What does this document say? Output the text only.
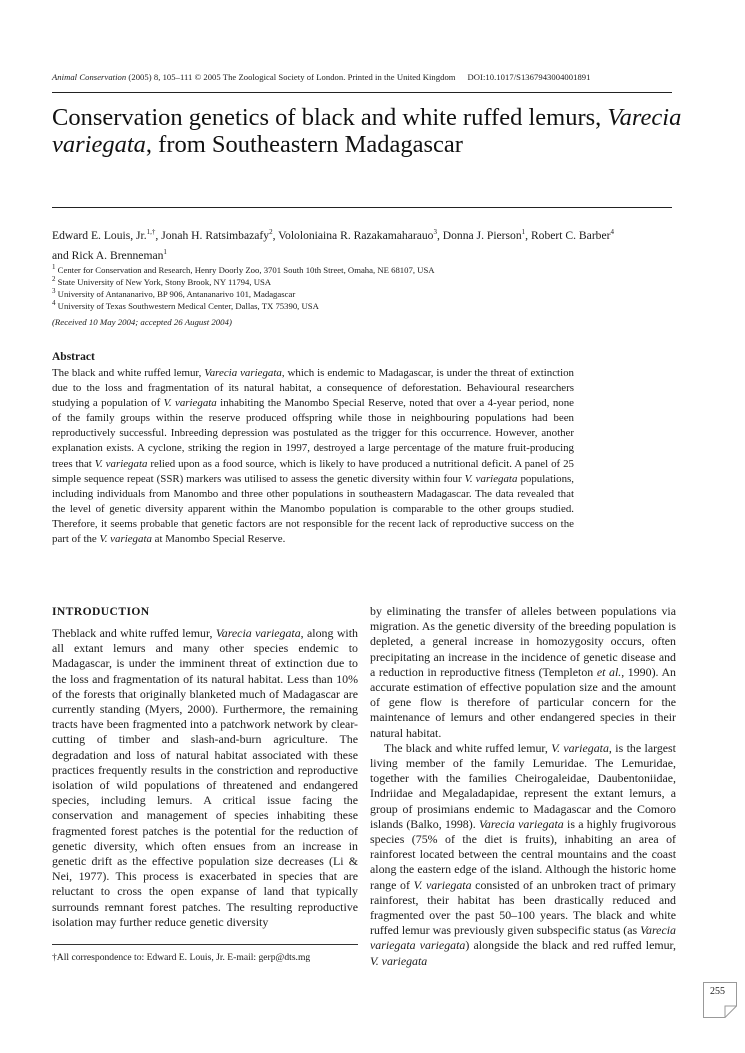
Animal Conservation (2005) 8, 105–111 © 2005 The Zoological Society of London. Printed in the United Kingdom DOI:10.1017/S1367943004001891
Conservation genetics of black and white ruffed lemurs, Varecia
variegata, from Southeastern Madagascar
Edward E. Louis, Jr.$^{1,\dagger}$, Jonah H. Ratsimbazafy$^2$, Vololoniaina R. Razakamaharauo$^3$, Donna J. Pierson$^1$, Robert C. Barber$^4$
and Rick A. Brenneman$^1$
$^1$ Center for Conservation and Research, Henry Doorly Zoo, 3701 South 10th Street, Omaha, NE 68107, USA
$^2$ State University of New York, Stony Brook, NY 11794, USA
$^3$ University of Antananarivo, BP 906, Antananarivo 101, Madagascar
$^4$ University of Texas Southwestern Medical Center, Dallas, TX 75390, USA
(Received 10 May 2004; accepted 26 August 2004)
Abstract
The black and white ruffed lemur, Varecia variegata, which is endemic to Madagascar, is under the threat of extinction due to the loss and fragmentation of its natural habitat, a consequence of deforestation. Behavioural researchers studying a population of V. variegata inhabiting the Manombo Special Reserve, noted that over a 4-year period, none of the family groups within the reserve produced offspring while those in neighbouring populations had been reproductively successful. Inbreeding depression was postulated as the trigger for this occurrence. However, another explanation exists. A cyclone, striking the region in 1997, destroyed a large percentage of the mature fruit-producing trees that V. variegata relied upon as a food source, which is likely to have produced a nutritional deficit. A panel of 25 simple sequence repeat (SSR) markers was utilised to assess the genetic diversity within four V. variegata populations, including individuals from Manombo and three other populations in southeastern Madagascar. The data revealed that the level of genetic diversity apparent within the Manombo population is comparable to the other groups studied. Therefore, it seems probable that genetic factors are not responsible for the recent lack of reproductive success on the part of the V. variegata at Manombo Special Reserve.
INTRODUCTION

Theblack and white ruffed lemur, Varecia variegata, along with all extant lemurs and many other species endemic to Madagascar, is under the imminent threat of extinction due to the loss and fragmentation of its natural habitat. Less than 10% of the forests that originally blanketed much of Madagascar are currently standing (Myers, 2000). Furthermore, the remaining tracts have been fragmented into a patchwork network by clear-cutting of timber and slash-and-burn agriculture. The degradation and loss of natural habitat associated with these practices frequently results in the constriction and reproductive isolation of wild populations of threatened and endangered species, including lemurs. A critical issue facing the conservation and management of species inhabiting these fragmented forest patches is the potential for the reduction of genetic diversity, which often ensues from an increase in genetic drift as the effective population size decreases (Li & Nei, 1977). This process is exacerbated in species that are reluctant to cross the open expanse of land that typically surrounds remnant forest patches. The resulting reproductive isolation may further reduce genetic diversity

by eliminating the transfer of alleles between populations via migration. As the genetic diversity of the breeding population is depleted, a general increase in homozygosity occurs, often precipitating an increase in the incidence of genetic disease and a reduction in reproductive fitness (Templeton et al., 1990). An accurate estimation of effective population size and the amount of gene flow is therefore of particular concern for the maintenance of lemurs and other endangered species in their natural habitat.

The black and white ruffed lemur, V. variegata, is the largest living member of the family Lemuridae. The Lemuridae, together with the families Cheirogaleidae, Daubentoniidae, Indriidae and Megaladapidae, represent the extant lemurs, a group of prosimians endemic to Madagascar and the Comoro islands (Balko, 1998). Varecia variegata is a highly frugivorous species (75% of the diet is fruits), inhabiting an area of rainforest located between the central mountains and the coast along the eastern edge of the island. Although the historic home range of V. variegata consisted of an unbroken tract of primary rainforest, their habitat has been drastically reduced and fragmented over the past 50–100 years. The black and white ruffed lemur was previously given subspecific status (as Varecia variegata variegata) alongside the black and red ruffed lemur, V. variegata

†All correspondence to: Edward E. Louis, Jr. E-mail: gerp@dts.mg
255
